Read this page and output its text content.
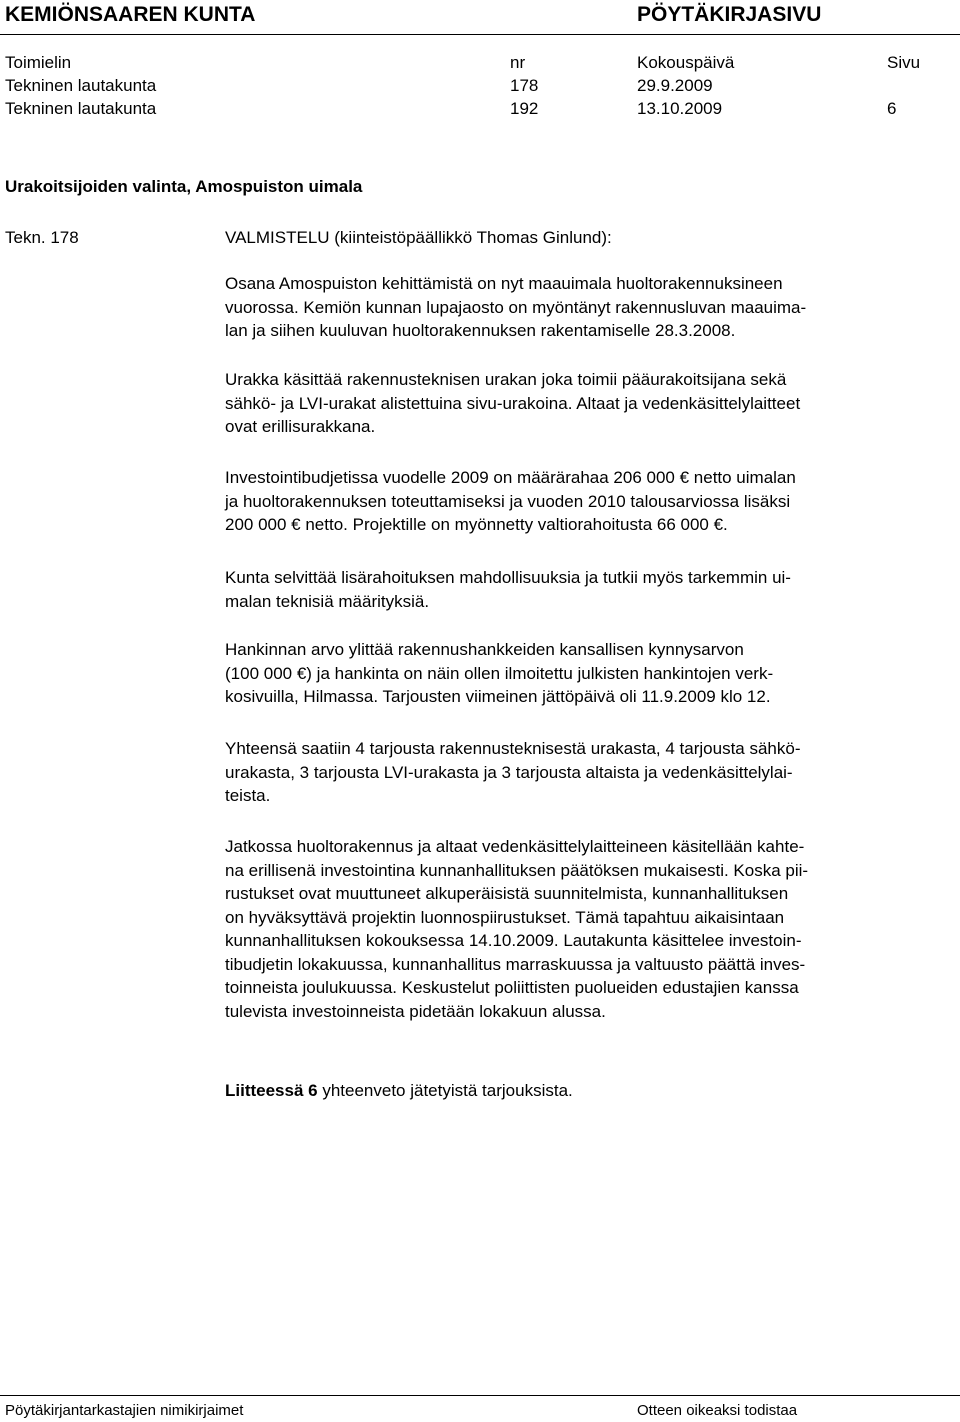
KEMIÖNSAAREN KUNTA	PÖYTÄKIRJASIVU
Toimielin	nr	Kokouspäivä	Sivu
Tekninen lautakunta	178	29.9.2009
Tekninen lautakunta	192	13.10.2009	6
Urakoitsijoiden valinta, Amospuiston uimala
Tekn. 178	VALMISTELU (kiinteistöpäällikkö Thomas Ginlund):
Osana Amospuiston kehittämistä on nyt maauimala huoltorakennuksineen
vuorossa. Kemiön kunnan lupajaosto on myöntänyt rakennusluvan maauima-
lan ja siihen kuuluvan huoltorakennuksen rakentamiselle 28.3.2008.
Urakka käsittää rakennusteknisen urakan joka toimii pääurakoitsijana sekä
sähkö- ja LVI-urakat alistettuina sivu-urakoina. Altaat ja vedenkäsittelylaitteet
ovat erillisurakkana.
Investointibudjetissa vuodelle 2009 on määrärahaa 206 000 € netto uimalan
ja huoltorakennuksen toteuttamiseksi ja vuoden 2010 talousarviossa lisäksi
200 000 € netto. Projektille on myönnetty valtiorahoitusta 66 000 €.
Kunta selvittää lisärahoituksen mahdollisuuksia ja tutkii myös tarkemmin ui-
malan teknisiä määrityksiä.
Hankinnan arvo ylittää rakennushankkeiden kansallisen kynnysarvon
(100 000 €) ja hankinta on näin ollen ilmoitettu julkisten hankintojen verk-
kosivuilla, Hilmassa. Tarjousten viimeinen jättöpäivä oli 11.9.2009 klo 12.
Yhteensä saatiin 4 tarjousta rakennusteknisestä urakasta, 4 tarjousta sähkö-
urakasta, 3 tarjousta LVI-urakasta ja 3 tarjousta altaista ja vedenkäsittelylai-
teista.
Jatkossa huoltorakennus ja altaat vedenkäsittelylaitteineen käsitellään kahte-
na erillisenä investointina kunnanhallituksen päätöksen mukaisesti. Koska pii-
rustukset ovat muuttuneet alkuperäisistä suunnitelmista, kunnanhallituksen
on hyväksyttävä projektin luonnospiirustukset. Tämä tapahtuu aikaisintaan
kunnanhallituksen kokouksessa 14.10.2009. Lautakunta käsittelee investoin-
tibudjetin lokakuussa, kunnanhallitus marraskuussa ja valtuusto päättä inves-
toinneista joulukuussa. Keskustelut poliittisten puolueiden edustajien kanssa
tulevista investoinneista pidetään lokakuun alussa.
Liitteessä 6 yhteenveto jätetyistä tarjouksista.
Pöytäkirjantarkastajien nimikirjaimet	Otteen oikeaksi todistaa
